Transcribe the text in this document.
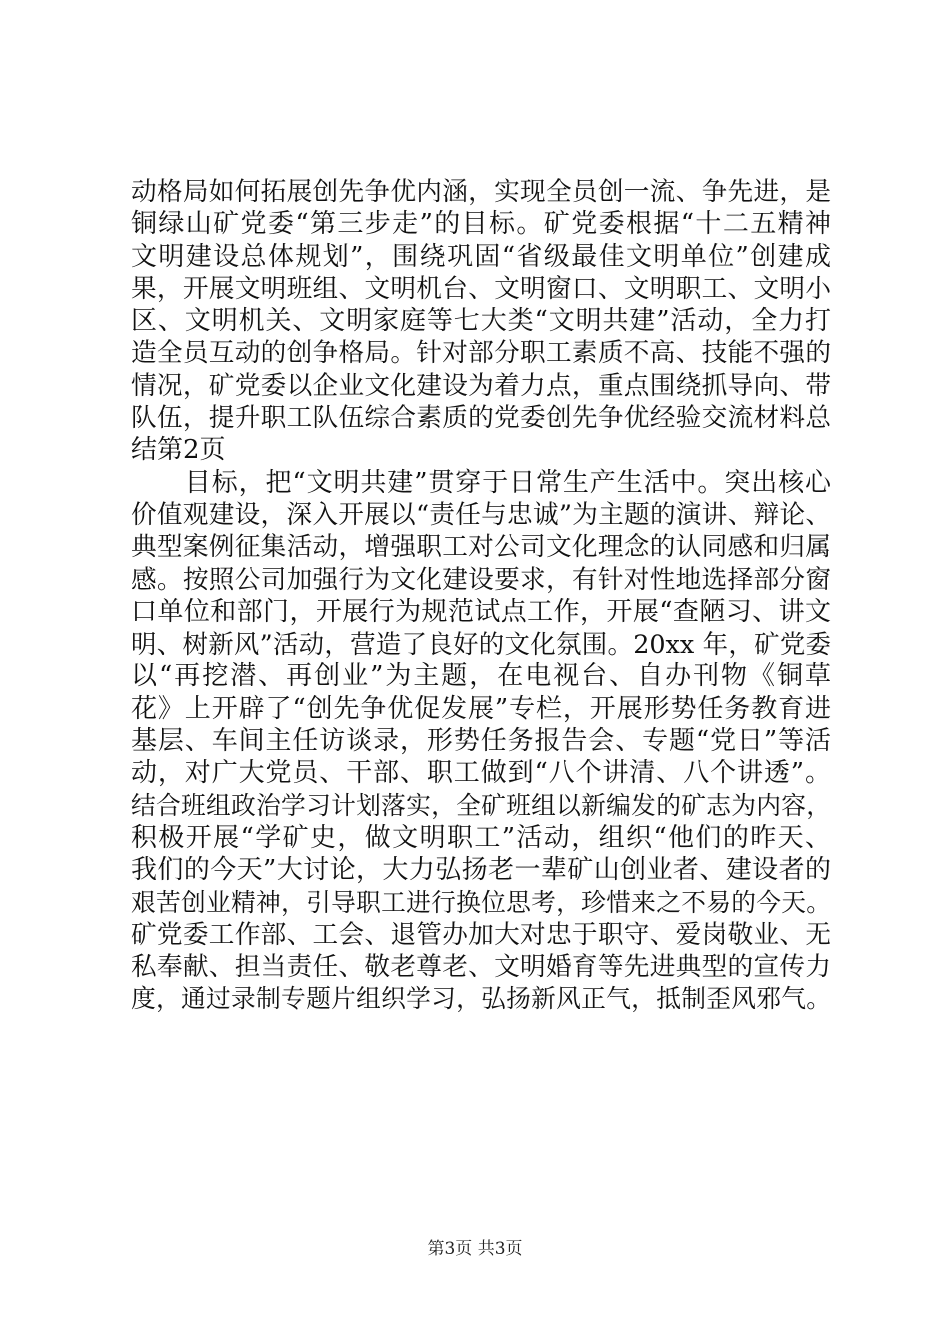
动格局如何拓展创先争优内涵，实现全员创一流、争先进，是
铜绿山矿党委“第三步走”的目标。矿党委根据“十二五精神
文明建设总体规划”，围绕巩固“省级最佳文明单位”创建成
果，开展文明班组、文明机台、文明窗口、文明职工、文明小
区、文明机关、文明家庭等七大类“文明共建”活动，全力打
造全员互动的创争格局。针对部分职工素质不高、技能不强的
情况，矿党委以企业文化建设为着力点，重点围绕抓导向、带
队伍，提升职工队伍综合素质的党委创先争优经验交流材料总
结第2页
　　目标，把“文明共建”贯穿于日常生产生活中。突出核心
价值观建设，深入开展以“责任与忠诚”为主题的演讲、辩论、
典型案例征集活动，增强职工对公司文化理念的认同感和归属
感。按照公司加强行为文化建设要求，有针对性地选择部分窗
口单位和部门，开展行为规范试点工作，开展“查陋习、讲文
明、树新风”活动，营造了良好的文化氛围。20xx 年，矿党委
以“再挖潜、再创业”为主题，在电视台、自办刊物《铜草
花》上开辟了“创先争优促发展”专栏，开展形势任务教育进
基层、车间主任访谈录，形势任务报告会、专题“党日”等活
动，对广大党员、干部、职工做到“八个讲清、八个讲透”。
结合班组政治学习计划落实，全矿班组以新编发的矿志为内容，
积极开展“学矿史，做文明职工”活动，组织“他们的昨天、
我们的今天”大讨论，大力弘扬老一辈矿山创业者、建设者的
艰苦创业精神，引导职工进行换位思考，珍惜来之不易的今天。
矿党委工作部、工会、退管办加大对忠于职守、爱岗敬业、无
私奉献、担当责任、敬老尊老、文明婚育等先进典型的宣传力
度，通过录制专题片组织学习，弘扬新风正气，抵制歪风邪气。
第3页 共3页
